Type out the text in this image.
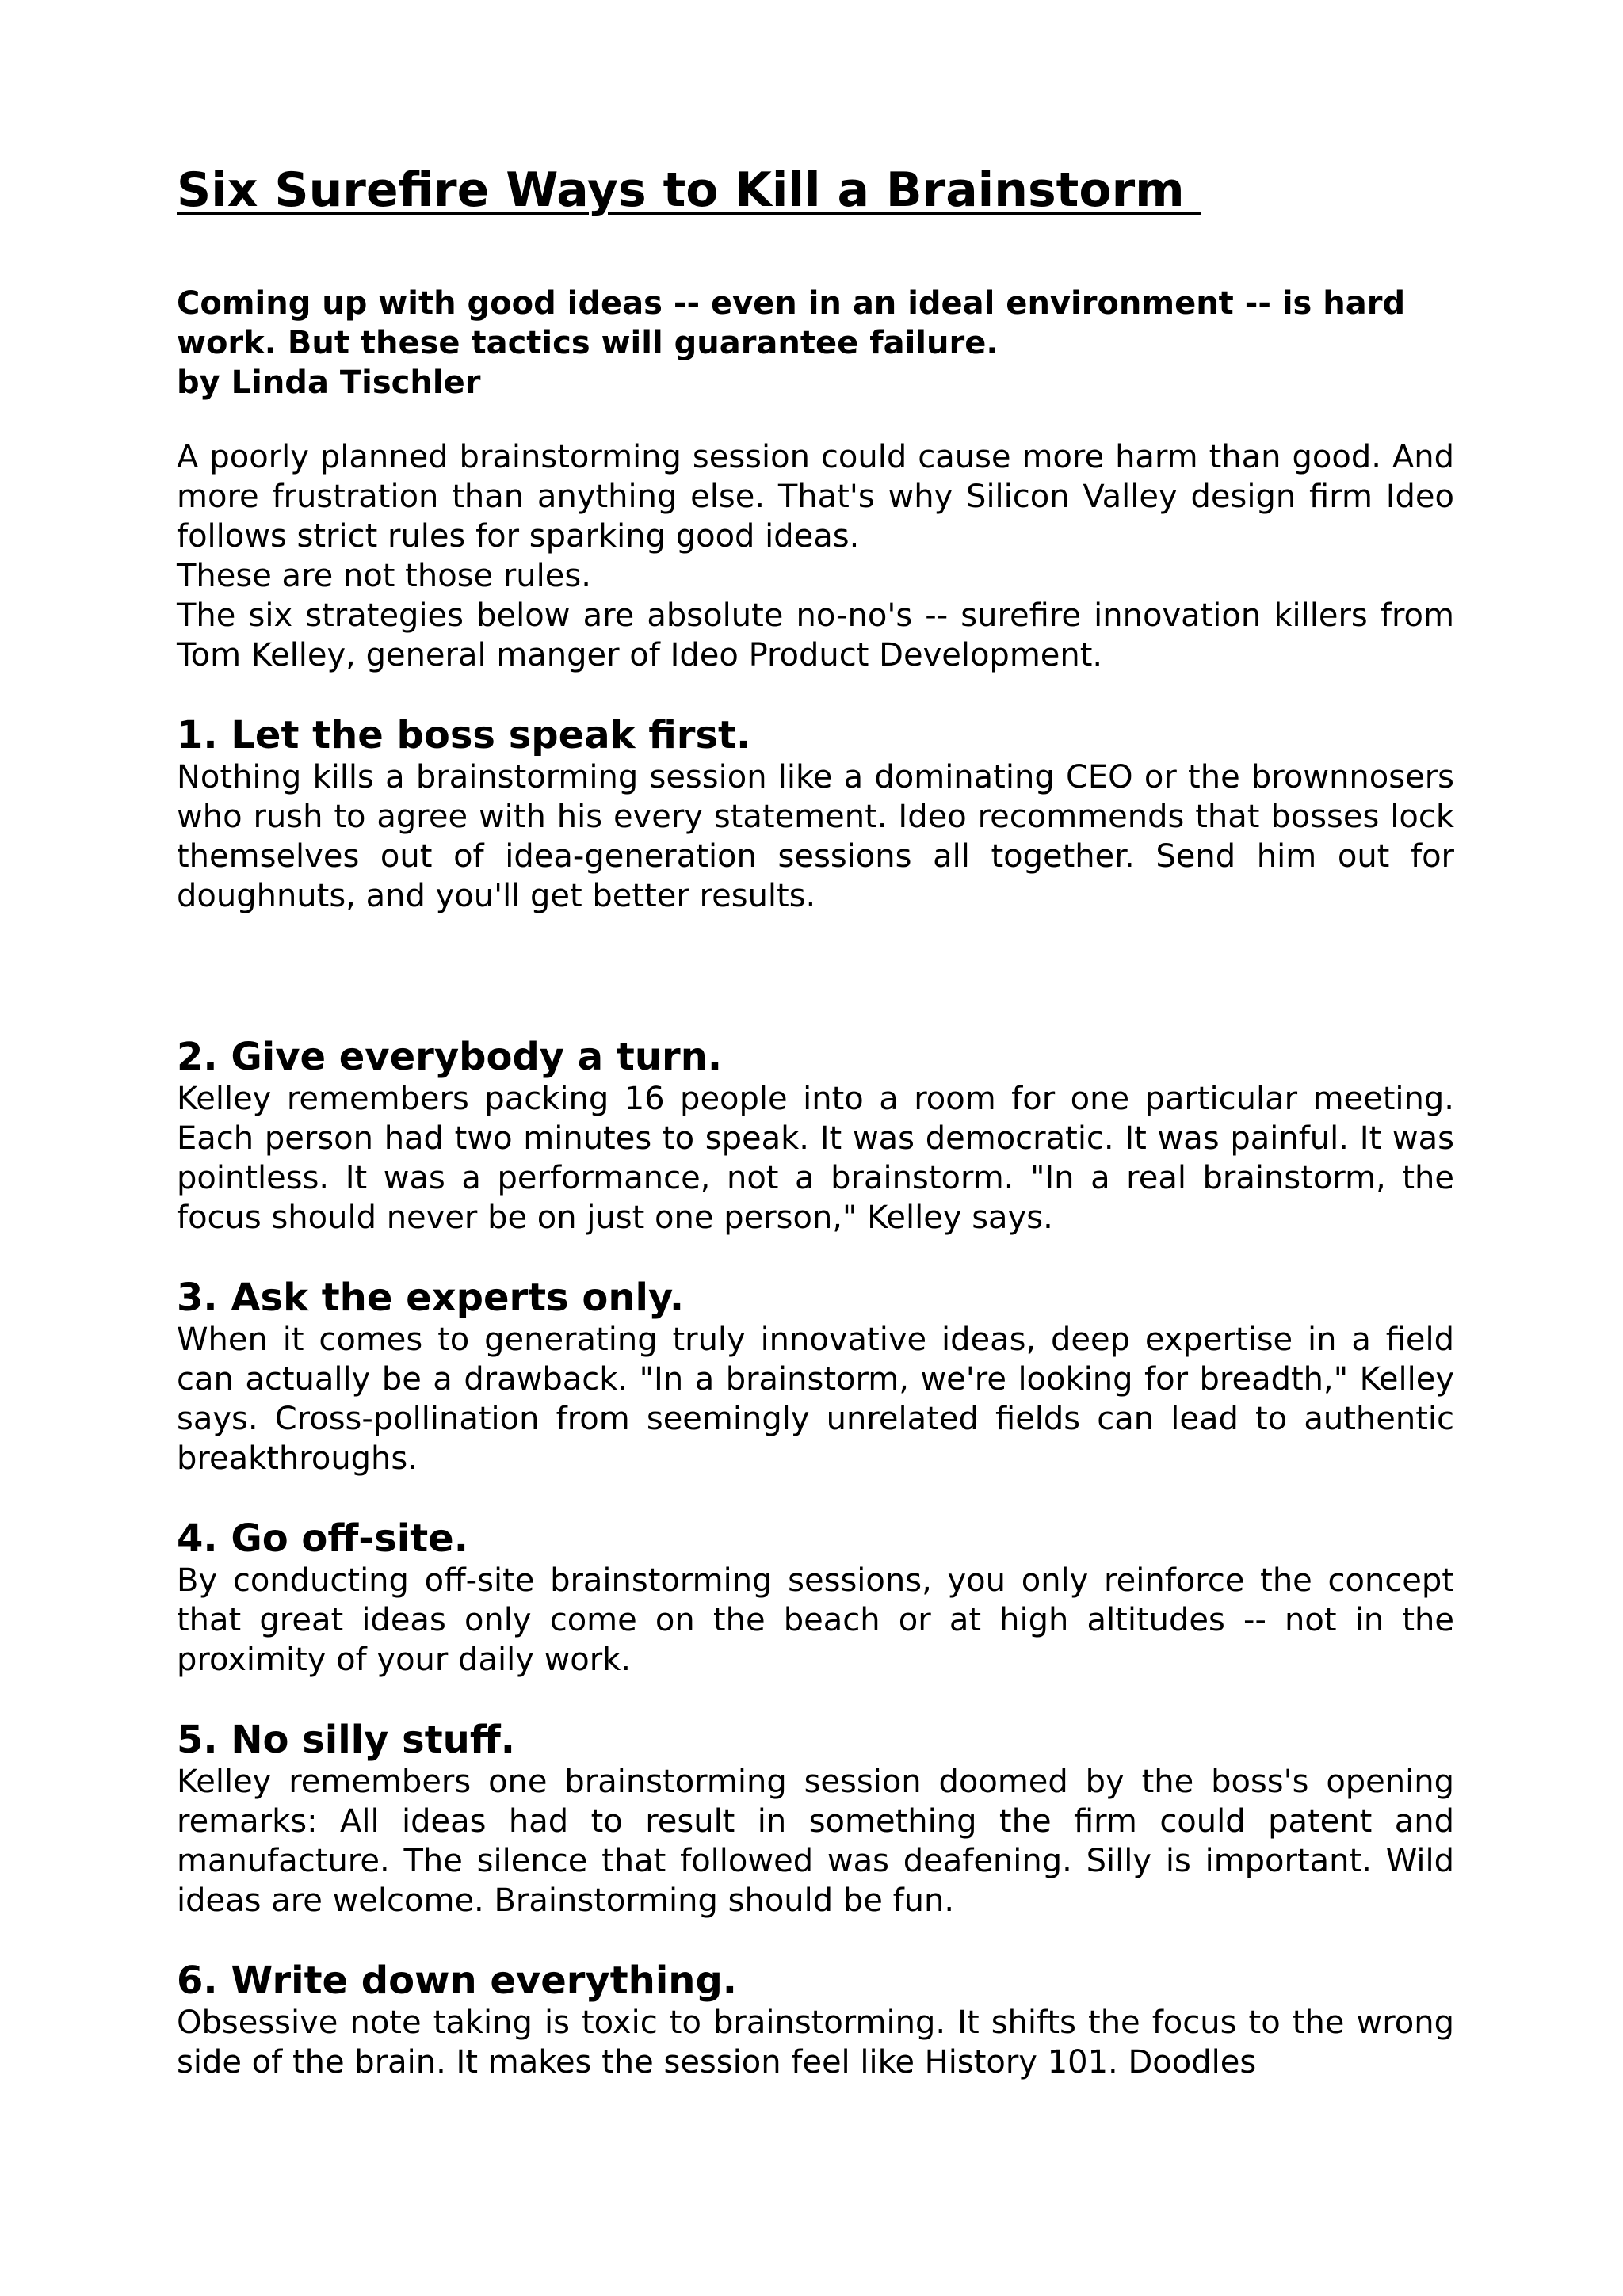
Six Surefire Ways to Kill a Brainstorm

Coming up with good ideas -- even in an ideal environment -- is hard work. But these tactics will guarantee failure.

by Linda Tischler

A poorly planned brainstorming session could cause more harm than good. And more frustration than anything else. That's why Silicon Valley design firm Ideo follows strict rules for sparking good ideas.

These are not those rules.

The six strategies below are absolute no-no's -- surefire innovation killers from Tom Kelley, general manger of Ideo Product Development.

1. Let the boss speak first.

Nothing kills a brainstorming session like a dominating CEO or the brownnosers who rush to agree with his every statement. Ideo recommends that bosses lock themselves out of idea-generation sessions all together. Send him out for doughnuts, and you'll get better results.

2. Give everybody a turn.

Kelley remembers packing 16 people into a room for one particular meeting. Each person had two minutes to speak. It was democratic. It was painful. It was pointless. It was a performance, not a brainstorm. "In a real brainstorm, the focus should never be on just one person," Kelley says.

3. Ask the experts only.

When it comes to generating truly innovative ideas, deep expertise in a field can actually be a drawback. "In a brainstorm, we're looking for breadth," Kelley says. Cross-pollination from seemingly unrelated fields can lead to authentic breakthroughs.

4. Go off-site.

By conducting off-site brainstorming sessions, you only reinforce the concept that great ideas only come on the beach or at high altitudes -- not in the proximity of your daily work.

5. No silly stuff.

Kelley remembers one brainstorming session doomed by the boss's opening remarks: All ideas had to result in something the firm could patent and manufacture. The silence that followed was deafening. Silly is important. Wild ideas are welcome. Brainstorming should be fun.

6. Write down everything.

Obsessive note taking is toxic to brainstorming. It shifts the focus to the wrong side of the brain. It makes the session feel like History 101. Doodles
